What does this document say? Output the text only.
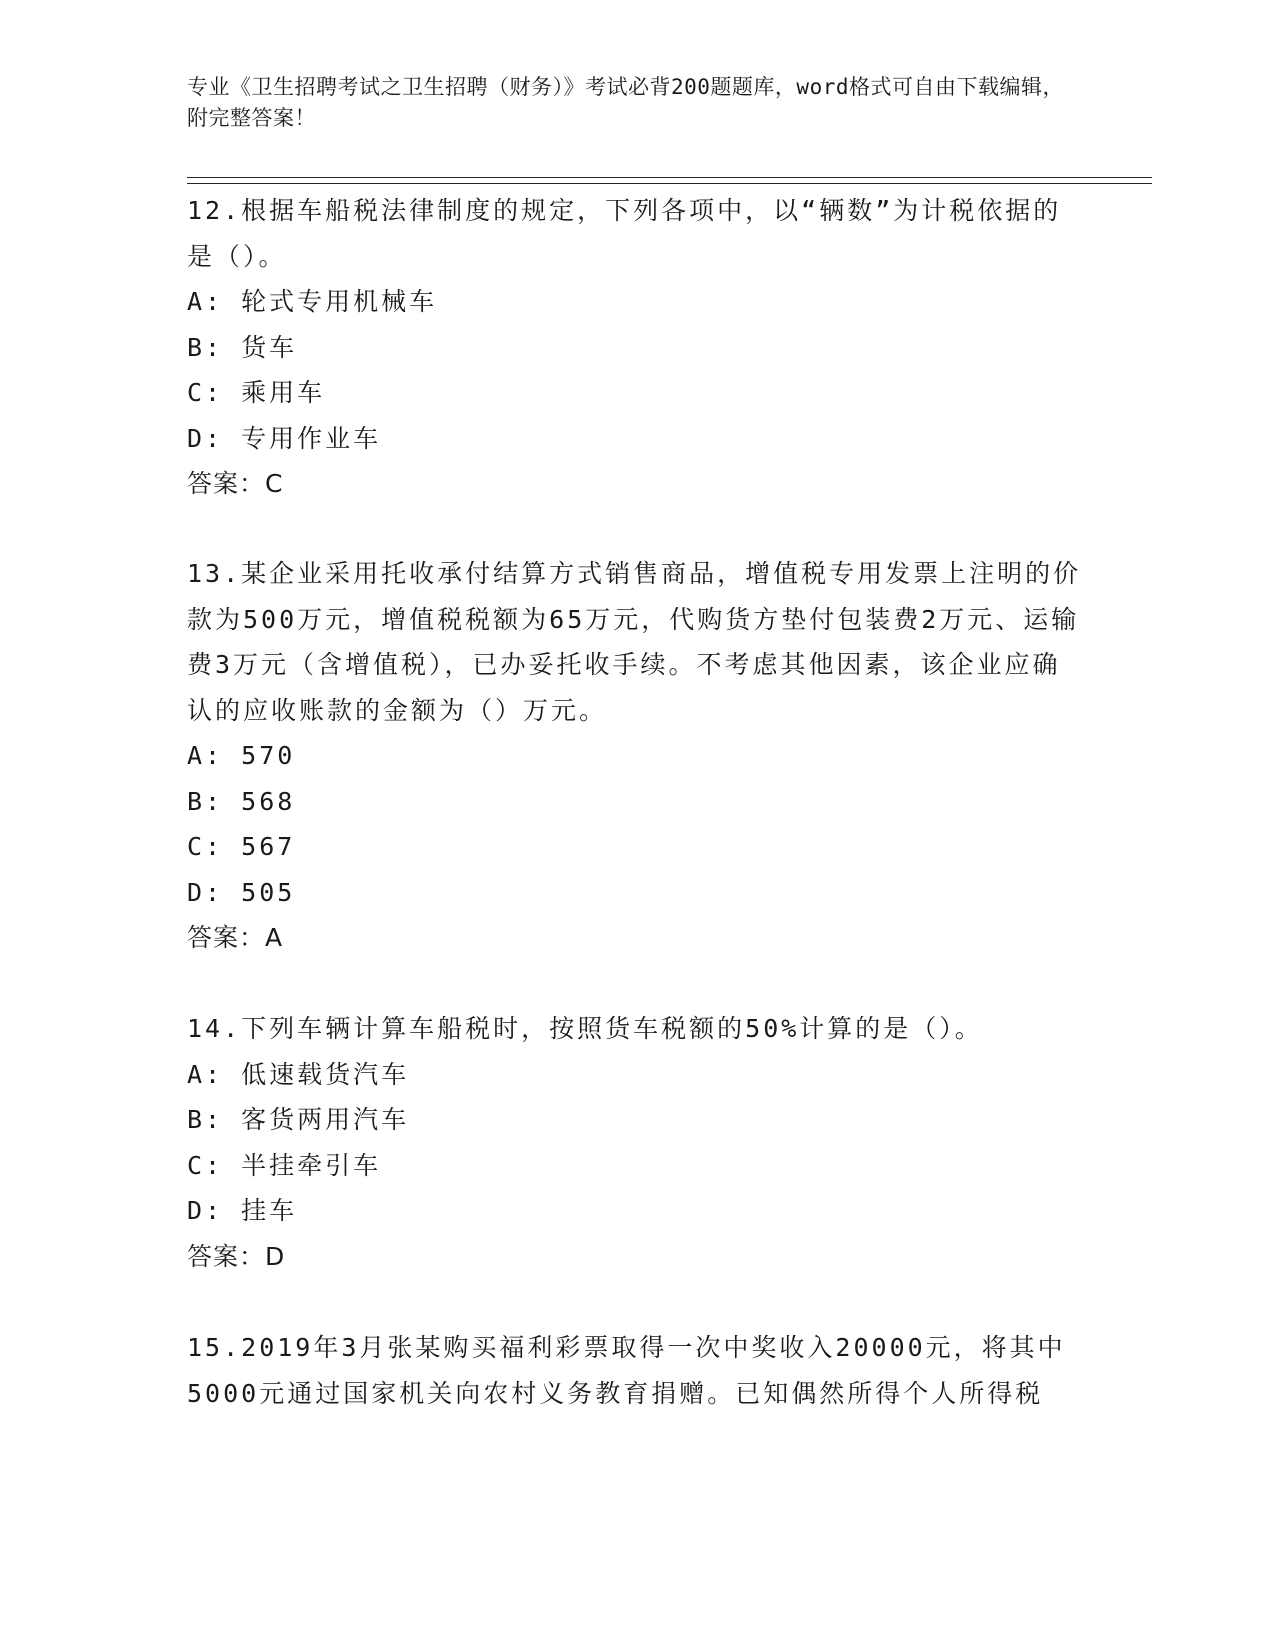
专业《卫生招聘考试之卫生招聘（财务）》考试必背200题题库，word格式可自由下载编辑，附完整答案！

12.根据车船税法律制度的规定，下列各项中，以“辆数”为计税依据的是（）。

A: 轮式专用机械车

B: 货车

C: 乘用车

D: 专用作业车

答案：C

13.某企业采用托收承付结算方式销售商品，增值税专用发票上注明的价款为500万元，增值税税额为65万元，代购货方垫付包装费2万元、运输费3万元（含增值税），已办妥托收手续。不考虑其他因素，该企业应确认的应收账款的金额为（）万元。

A: 570

B: 568

C: 567

D: 505

答案：A

14.下列车辆计算车船税时，按照货车税额的50%计算的是（）。

A: 低速载货汽车

B: 客货两用汽车

C: 半挂牵引车

D: 挂车

答案：D

15.2019年3月张某购买福利彩票取得一次中奖收入20000元，将其中5000元通过国家机关向农村义务教育捐赠。已知偶然所得个人所得税
